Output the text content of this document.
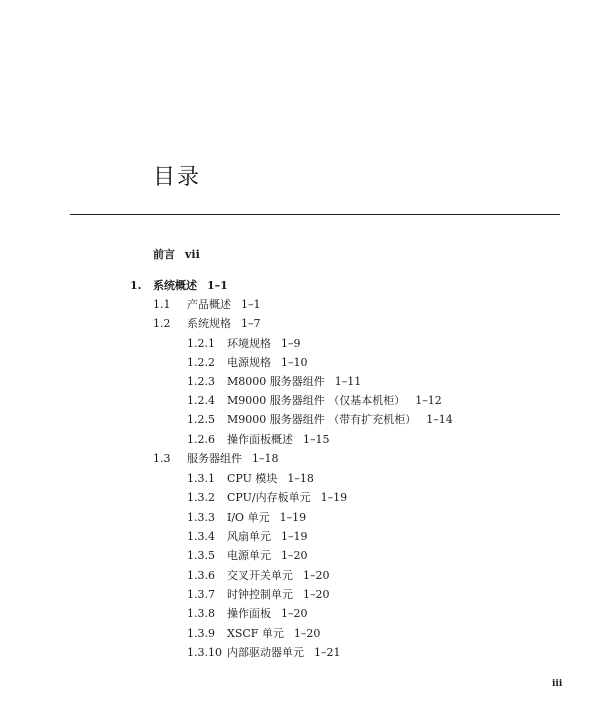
目录
前言 vii
1. 系统概述 1–1
1.1 产品概述 1–1
1.2 系统规格 1–7
1.2.1 环境规格 1–9
1.2.2 电源规格 1–10
1.2.3 M8000 服务器组件 1–11
1.2.4 M9000 服务器组件 （仅基本机柜） 1–12
1.2.5 M9000 服务器组件 （带有扩充机柜） 1–14
1.2.6 操作面板概述 1–15
1.3 服务器组件 1–18
1.3.1 CPU 模块 1–18
1.3.2 CPU/内存板单元 1–19
1.3.3 I/O 单元 1–19
1.3.4 风扇单元 1–19
1.3.5 电源单元 1–20
1.3.6 交叉开关单元 1–20
1.3.7 时钟控制单元 1–20
1.3.8 操作面板 1–20
1.3.9 XSCF 单元 1–20
1.3.10 内部驱动器单元 1–21
iii
